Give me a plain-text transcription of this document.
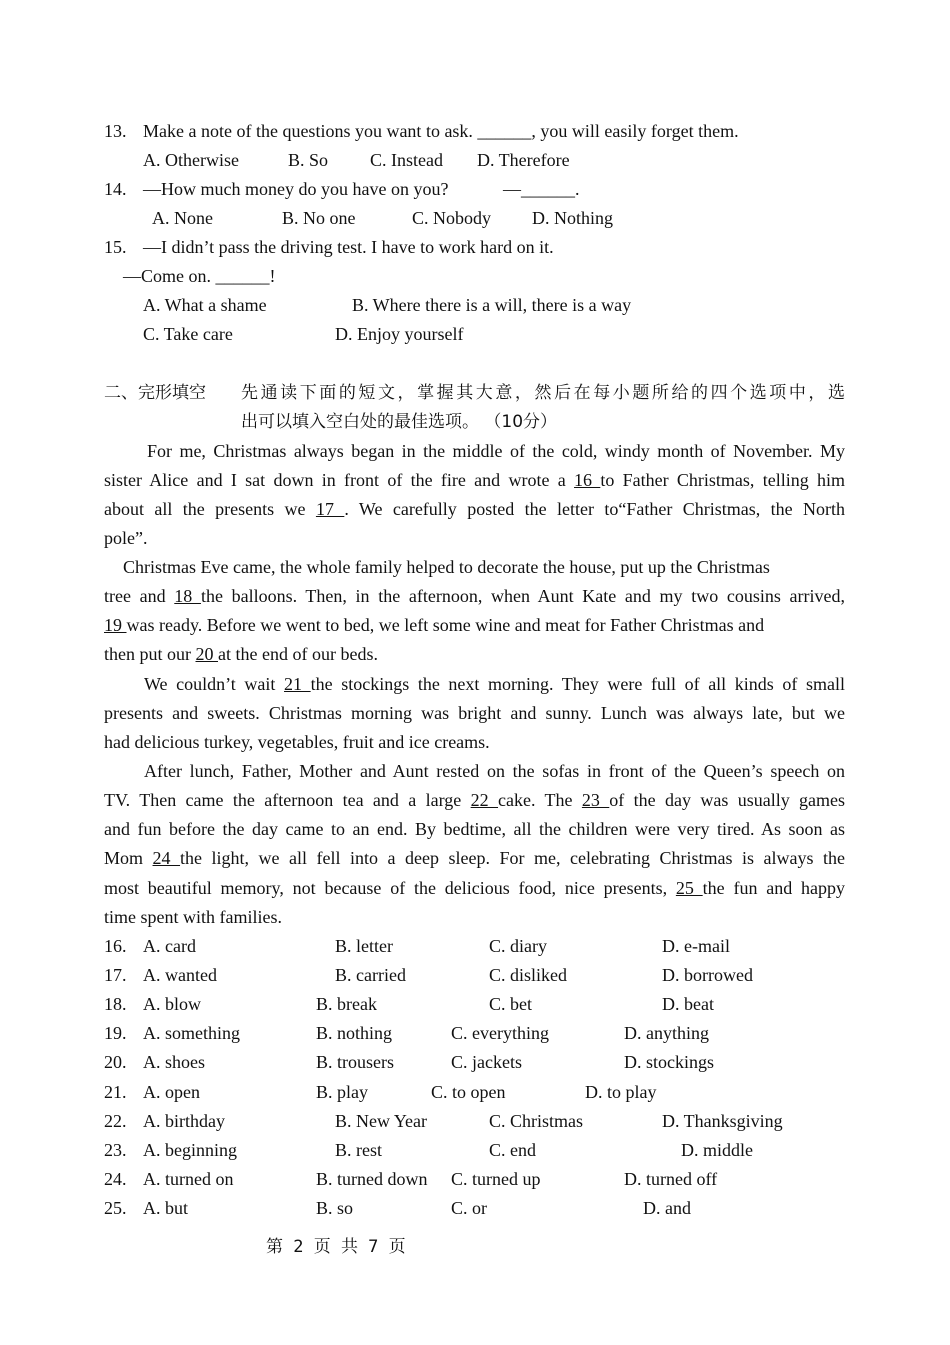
13. Make a note of the questions you want to ask. ______, you will easily forget them.
A. Otherwise	B. So C. Instead D. Therefore
14. —How much money do you have on you?	—______.
A. None	B. No one	C. Nobody D. Nothing
15. —I didn’t pass the driving test. I have to work hard on it.
—Come on. ______!
A. What a shame	B. Where there is a will, there is a way
C. Take care	D. Enjoy yourself
二、完形填空 先通读下面的短文，掌握其大意，然后在每小题所给的四个选项中，选
出可以填入空白处的最佳选项。 （10分）
For me, Christmas always began in the middle of the cold, windy month of November. My
sister Alice and I sat down in front of the fire and wrote a 16 to Father Christmas, telling him
about all the presents we 17 . We carefully posted the letter to“Father Christmas, the North
pole”.
Christmas Eve came, the whole family helped to decorate the house, put up the Christmas
tree and 18 the balloons. Then, in the afternoon, when Aunt Kate and my two cousins arrived,
19 was ready. Before we went to bed, we left some wine and meat for Father Christmas and
then put our 20 at the end of our beds.
We couldn’t wait 21 the stockings the next morning. They were full of all kinds of small
presents and sweets. Christmas morning was bright and sunny. Lunch was always late, but we
had delicious turkey, vegetables, fruit and ice creams.
After lunch, Father, Mother and Aunt rested on the sofas in front of the Queen’s speech on
TV. Then came the afternoon tea and a large 22 cake. The 23 of the day was usually games
and fun before the day came to an end. By bedtime, all the children were very tired. As soon as
Mom 24 the light, we all fell into a deep sleep. For me, celebrating Christmas is always the
most beautiful memory, not because of the delicious food, nice presents, 25 the fun and happy
time spent with families.
16. A. card	B. letter	C. diary	D. e-mail
17. A. wanted	B. carried	C. disliked	D. borrowed
18. A. blow	B. break	C. bet	D. beat
19. A. something	B. nothing	C. everything	D. anything
20. A. shoes	B. trousers	C. jackets	D. stockings
21. A. open	B. play	C. to open	D. to play
22. A. birthday	B. New Year	C. Christmas	D. Thanksgiving
23. A. beginning	B. rest	C. end	D. middle
24. A. turned on	B. turned down C. turned up	D. turned off
25. A. but	B. so	C. or	D. and
第 2 页 共 7 页
